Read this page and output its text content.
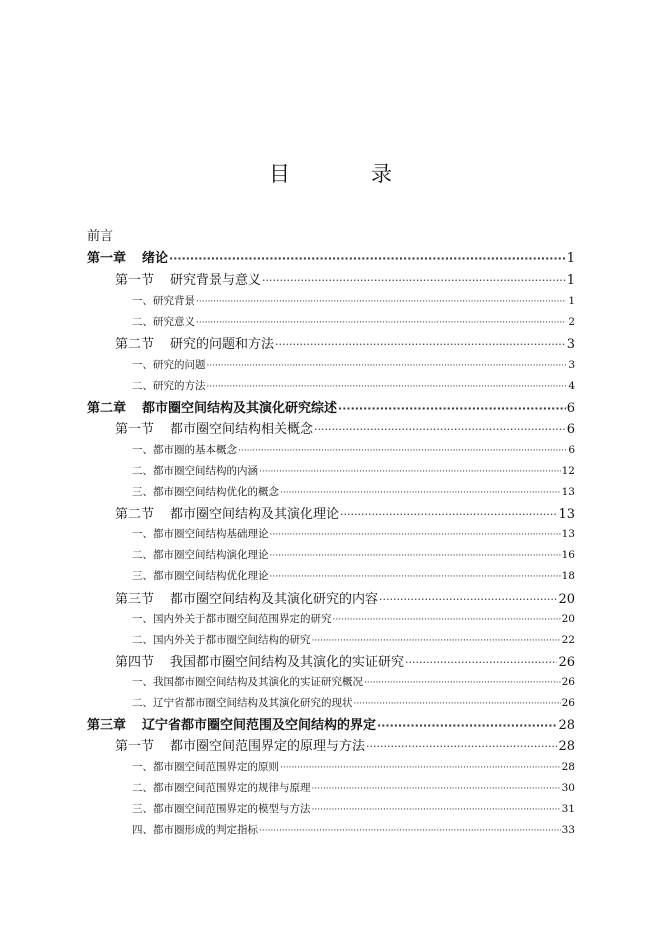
目　录
前言
第一章 绪论 ·····	1
第一节 研究背景与意义 ·····	1
一、研究背景 ·····	1
二、研究意义 ·····	2
第二节 研究的问题和方法 ·····	3
一、研究的问题 ·····	3
二、研究的方法 ·····	4
第二章 都市圈空间结构及其演化研究综述 ·····	6
第一节 都市圈空间结构相关概念 ·····	6
一、都市圈的基本概念 ·····	6
二、都市圈空间结构的内涵 ·····	12
三、都市圈空间结构优化的概念 ·····	13
第二节 都市圈空间结构及其演化理论 ·····	13
一、都市圈空间结构基础理论 ·····	13
二、都市圈空间结构演化理论 ·····	16
三、都市圈空间结构优化理论 ·····	18
第三节 都市圈空间结构及其演化研究的内容 ·····	20
一、国内外关于都市圈空间范围界定的研究 ·····	20
二、国内外关于都市圈空间结构的研究 ·····	22
第四节 我国都市圈空间结构及其演化的实证研究 ·····	26
一、我国都市圈空间结构及其演化的实证研究概况 ·····	26
二、辽宁省都市圈空间结构及其演化研究的现状 ·····	26
第三章 辽宁省都市圈空间范围及空间结构的界定 ·····	28
第一节 都市圈空间范围界定的原理与方法 ·····	28
一、都市圈空间范围界定的原则 ·····	28
二、都市圈空间范围界定的规律与原理 ·····	30
三、都市圈空间范围界定的模型与方法 ·····	31
四、都市圈形成的判定指标 ·····	33
